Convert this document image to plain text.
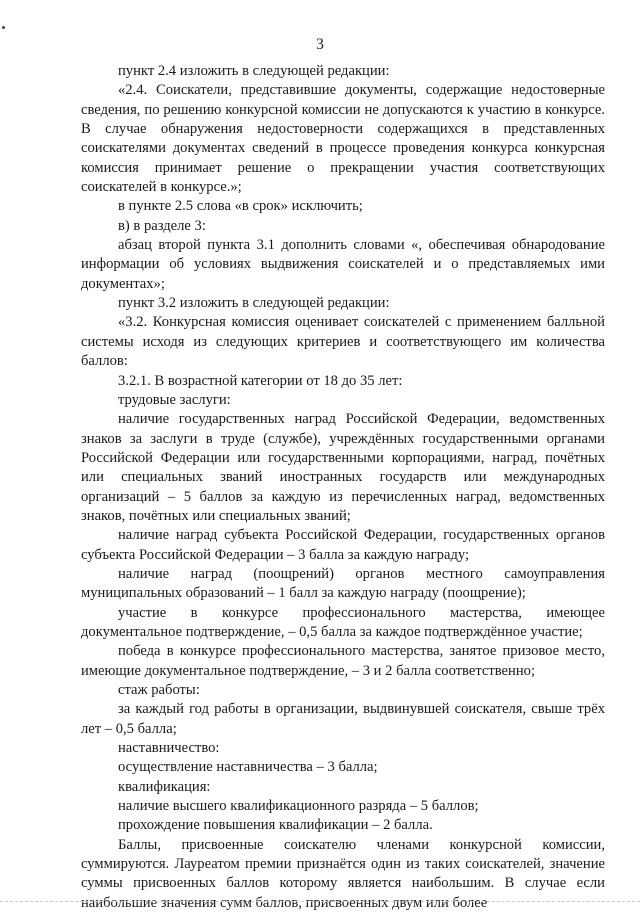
3

пункт 2.4 изложить в следующей редакции:

«2.4. Соискатели, представившие документы, содержащие недостоверные сведения, по решению конкурсной комиссии не допускаются к участию в конкурсе. В случае обнаружения недостоверности содержащихся в представленных соискателями документах сведений в процессе проведения конкурса конкурсная комиссия принимает решение о прекращении участия соответствующих соискателей в конкурсе.»;

в пункте 2.5 слова «в срок» исключить;

в) в разделе 3:

абзац второй пункта 3.1 дополнить словами «, обеспечивая обнародование информации об условиях выдвижения соискателей и о представляемых ими документах»;

пункт 3.2 изложить в следующей редакции:

«3.2. Конкурсная комиссия оценивает соискателей с применением балльной системы исходя из следующих критериев и соответствующего им количества баллов:

3.2.1. В возрастной категории от 18 до 35 лет:

трудовые заслуги:

наличие государственных наград Российской Федерации, ведомственных знаков за заслуги в труде (службе), учреждённых государственными органами Российской Федерации или государственными корпорациями, наград, почётных или специальных званий иностранных государств или международных организаций – 5 баллов за каждую из перечисленных наград, ведомственных знаков, почётных или специальных званий;

наличие наград субъекта Российской Федерации, государственных органов субъекта Российской Федерации – 3 балла за каждую награду;

наличие наград (поощрений) органов местного самоуправления муниципальных образований – 1 балл за каждую награду (поощрение);

участие в конкурсе профессионального мастерства, имеющее документальное подтверждение, – 0,5 балла за каждое подтверждённое участие;

победа в конкурсе профессионального мастерства, занятое призовое место, имеющие документальное подтверждение, – 3 и 2 балла соответственно;

стаж работы:

за каждый год работы в организации, выдвинувшей соискателя, свыше трёх лет – 0,5 балла;

наставничество:

осуществление наставничества – 3 балла;

квалификация:

наличие высшего квалификационного разряда – 5 баллов;

прохождение повышения квалификации – 2 балла.

Баллы, присвоенные соискателю членами конкурсной комиссии, суммируются. Лауреатом премии признаётся один из таких соискателей, значение суммы присвоенных баллов которому является наибольшим. В случае если наибольшие значения сумм баллов, присвоенных двум или более
